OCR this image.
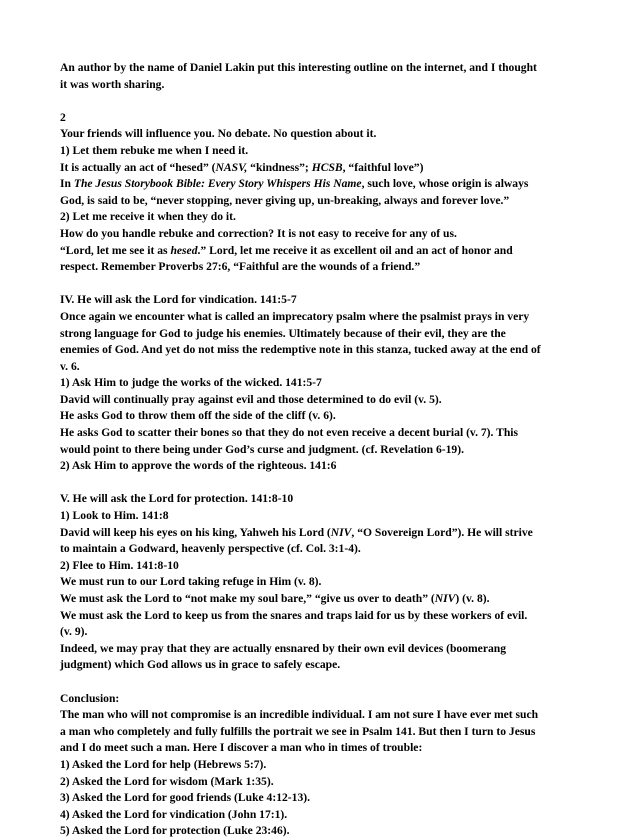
An author by the name of Daniel Lakin put this interesting outline on the internet, and I thought
it was worth sharing.
2
Your friends will influence you. No debate. No question about it.
1) Let them rebuke me when I need it.
It is actually an act of “hesed” (NASV, “kindness”; HCSB, “faithful love”)
In The Jesus Storybook Bible: Every Story Whispers His Name, such love, whose origin is always
God, is said to be, “never stopping, never giving up, un-breaking, always and forever love.”
2) Let me receive it when they do it.
How do you handle rebuke and correction? It is not easy to receive for any of us.
“Lord, let me see it as hesed.” Lord, let me receive it as excellent oil and an act of honor and
respect. Remember Proverbs 27:6, “Faithful are the wounds of a friend.”
IV. He will ask the Lord for vindication. 141:5-7
Once again we encounter what is called an imprecatory psalm where the psalmist prays in very
strong language for God to judge his enemies. Ultimately because of their evil, they are the
enemies of God. And yet do not miss the redemptive note in this stanza, tucked away at the end of
v. 6.
1) Ask Him to judge the works of the wicked. 141:5-7
David will continually pray against evil and those determined to do evil (v. 5).
He asks God to throw them off the side of the cliff (v. 6).
He asks God to scatter their bones so that they do not even receive a decent burial (v. 7). This
would point to there being under God’s curse and judgment. (cf. Revelation 6-19).
2) Ask Him to approve the words of the righteous. 141:6
V. He will ask the Lord for protection. 141:8-10
1) Look to Him. 141:8
David will keep his eyes on his king, Yahweh his Lord (NIV, “O Sovereign Lord”). He will strive
to maintain a Godward, heavenly perspective (cf. Col. 3:1-4).
2) Flee to Him. 141:8-10
We must run to our Lord taking refuge in Him (v. 8).
We must ask the Lord to “not make my soul bare,” “give us over to death” (NIV) (v. 8).
We must ask the Lord to keep us from the snares and traps laid for us by these workers of evil.
(v. 9).
Indeed, we may pray that they are actually ensnared by their own evil devices (boomerang
judgment) which God allows us in grace to safely escape.
Conclusion:
The man who will not compromise is an incredible individual. I am not sure I have ever met such
a man who completely and fully fulfills the portrait we see in Psalm 141. But then I turn to Jesus
and I do meet such a man. Here I discover a man who in times of trouble:
1) Asked the Lord for help (Hebrews 5:7).
2) Asked the Lord for wisdom (Mark 1:35).
3) Asked the Lord for good friends (Luke 4:12-13).
4) Asked the Lord for vindication (John 17:1).
5) Asked the Lord for protection (Luke 23:46).
